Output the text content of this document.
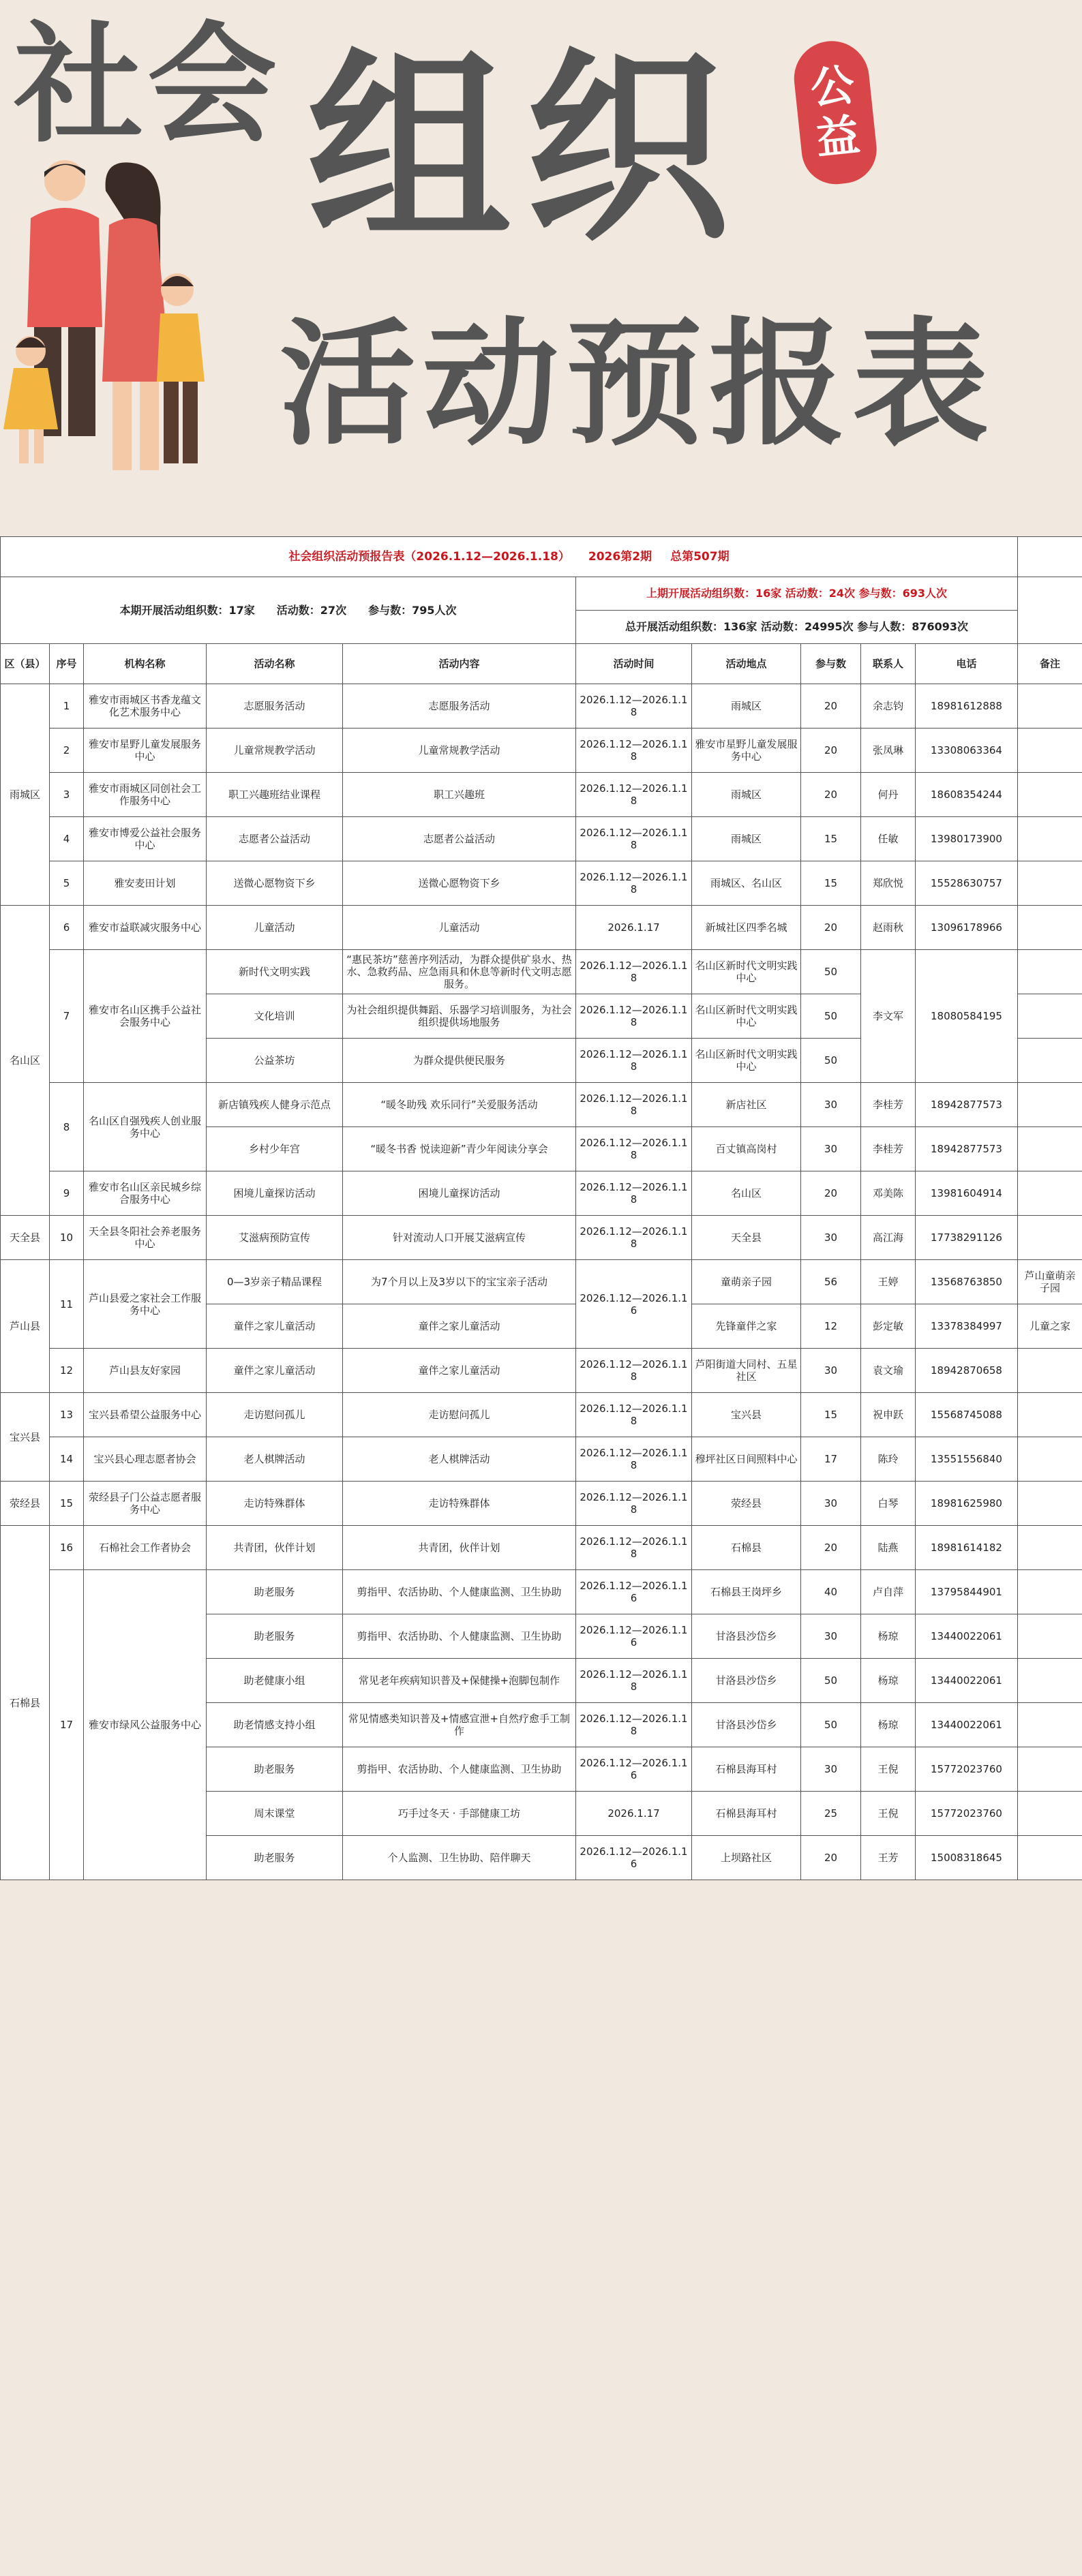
社会 组织
活动预报表
公
益
社会组织活动预报告表（2026.1.12—2026.1.18） 2026第2期 总第507期										
本期开展活动组织数：17家　　活动数：27次　　参与数：795人次					上期开展活动组织数：16家 活动数：24次 参与数：693人次					
					总开展活动组织数：136家 活动数：24995次 参与人数：876093次					
区（县）	序号	机构名称	活动名称	活动内容	活动时间	活动地点	参与数	联系人	电话	备注
雨城区	1	雅安市雨城区书香龙蕴文化艺术服务中心	志愿服务活动	志愿服务活动	2026.1.12—2026.1.18	雨城区	20	余志钧	18981612888	
	2	雅安市星野儿童发展服务中心	儿童常规教学活动	儿童常规教学活动	2026.1.12—2026.1.18	雅安市星野儿童发展服务中心	20	张凤琳	13308063364	
	3	雅安市雨城区同创社会工作服务中心	职工兴趣班结业课程	职工兴趣班	2026.1.12—2026.1.18	雨城区	20	何丹	18608354244	
	4	雅安市博爱公益社会服务中心	志愿者公益活动	志愿者公益活动	2026.1.12—2026.1.18	雨城区	15	任敏	13980173900	
	5	雅安麦田计划	送微心愿物资下乡	送微心愿物资下乡	2026.1.12—2026.1.18	雨城区、名山区	15	郑欣悦	15528630757	
名山区	6	雅安市益联减灾服务中心	儿童活动	儿童活动	2026.1.17	新城社区四季名城	20	赵雨秋	13096178966	
	7	雅安市名山区携手公益社会服务中心	新时代文明实践	“惠民茶坊”慈善序列活动，为群众提供矿泉水、热水、急救药品、应急雨具和休息等新时代文明志愿服务。	2026.1.12—2026.1.18	名山区新时代文明实践中心	50	李文军	18080584195	
			文化培训	为社会组织提供舞蹈、乐器学习培训服务，为社会组织提供场地服务	2026.1.12—2026.1.18	名山区新时代文明实践中心	50			
			公益茶坊	为群众提供便民服务	2026.1.12—2026.1.18	名山区新时代文明实践中心	50			
	8	名山区自强残疾人创业服务中心	新店镇残疾人健身示范点	“暖冬助残 欢乐同行”关爱服务活动	2026.1.12—2026.1.18	新店社区	30	李桂芳	18942877573	
			乡村少年宫	“暖冬书香 悦读迎新”青少年阅读分享会	2026.1.12—2026.1.18	百丈镇高岗村	30	李桂芳	18942877573	
	9	雅安市名山区亲民城乡综合服务中心	困境儿童探访活动	困境儿童探访活动	2026.1.12—2026.1.18	名山区	20	邓美陈	13981604914	
天全县	10	天全县冬阳社会养老服务中心	艾滋病预防宣传	针对流动人口开展艾滋病宣传	2026.1.12—2026.1.18	天全县	30	高江海	17738291126	
芦山县	11	芦山县爱之家社会工作服务中心	0—3岁亲子精品课程	为7个月以上及3岁以下的宝宝亲子活动	2026.1.12—2026.1.16	童萌亲子园	56	王婷	13568763850	芦山童萌亲子园
			童伴之家儿童活动	童伴之家儿童活动		先锋童伴之家	12	彭定敏	13378384997	儿童之家
	12	芦山县友好家园	童伴之家儿童活动	童伴之家儿童活动	2026.1.12—2026.1.18	芦阳街道大同村、五星社区	30	袁文瑜	18942870658	
宝兴县	13	宝兴县希望公益服务中心	走访慰问孤儿	走访慰问孤儿	2026.1.12—2026.1.18	宝兴县	15	祝申跃	15568745088	
	14	宝兴县心理志愿者协会	老人棋牌活动	老人棋牌活动	2026.1.12—2026.1.18	穆坪社区日间照料中心	17	陈玲	13551556840	
荥经县	15	荥经县子门公益志愿者服务中心	走访特殊群体	走访特殊群体	2026.1.12—2026.1.18	荥经县	30	白琴	18981625980	
石棉县	16	石棉社会工作者协会	共青团，伙伴计划	共青团，伙伴计划	2026.1.12—2026.1.18	石棉县	20	陆燕	18981614182	
	17	雅安市绿风公益服务中心	助老服务	剪指甲、农活协助、个人健康监测、卫生协助	2026.1.12—2026.1.16	石棉县王岗坪乡	40	卢自萍	13795844901	
			助老服务	剪指甲、农活协助、个人健康监测、卫生协助	2026.1.12—2026.1.16	甘洛县沙岱乡	30	杨琼	13440022061	
			助老健康小组	常见老年疾病知识普及+保健操+泡脚包制作	2026.1.12—2026.1.18	甘洛县沙岱乡	50	杨琼	13440022061	
			助老情感支持小组	常见情感类知识普及+情感宣泄+自然疗愈手工制作	2026.1.12—2026.1.18	甘洛县沙岱乡	50	杨琼	13440022061	
			助老服务	剪指甲、农活协助、个人健康监测、卫生协助	2026.1.12—2026.1.16	石棉县海耳村	30	王倪	15772023760	
			周末课堂	巧手过冬天 · 手部健康工坊	2026.1.17	石棉县海耳村	25	王倪	15772023760	
			助老服务	个人监测、卫生协助、陪伴聊天	2026.1.12—2026.1.16	上坝路社区	20	王芳	15008318645	
